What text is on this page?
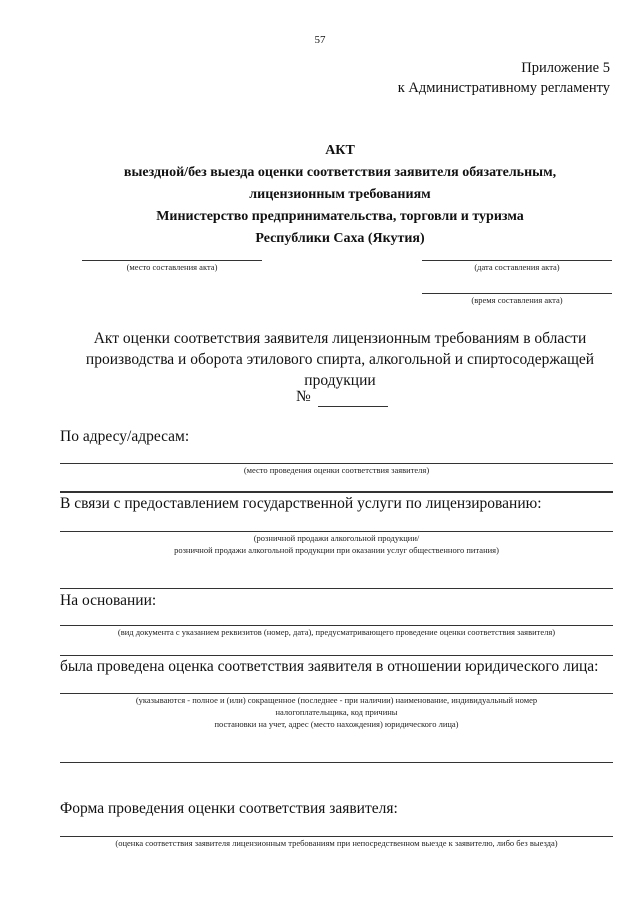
57
Приложение 5
к Административному регламенту
АКТ
выездной/без выезда оценки соответствия заявителя обязательным,
лицензионным требованиям
Министерство предпринимательства, торговли и туризма
Республики Саха (Якутия)
(место составления акта)	(дата составления акта)
(время составления акта)
Акт оценки соответствия заявителя лицензионным требованиям в области
производства и оборота этилового спирта, алкогольной и спиртосодержащей
продукции
№
По адресу/адресам:
(место проведения оценки соответствия заявителя)
В связи с предоставлением государственной услуги по лицензированию:
(розничной продажи алкогольной продукции/
розничной продажи алкогольной продукции при оказании услуг общественного питания)
На основании:
(вид документа с указанием реквизитов (номер, дата), предусматривающего проведение оценки соответствия заявителя)
была проведена оценка соответствия заявителя в отношении юридического лица:
(указываются - полное и (или) сокращенное (последнее - при наличии) наименование, индивидуальный номер
налогоплательщика, код причины
постановки на учет, адрес (место нахождения) юридического лица)
Форма проведения оценки соответствия заявителя:
(оценка соответствия заявителя лицензионным требованиям при непосредственном выезде к заявителю, либо без выезда)
